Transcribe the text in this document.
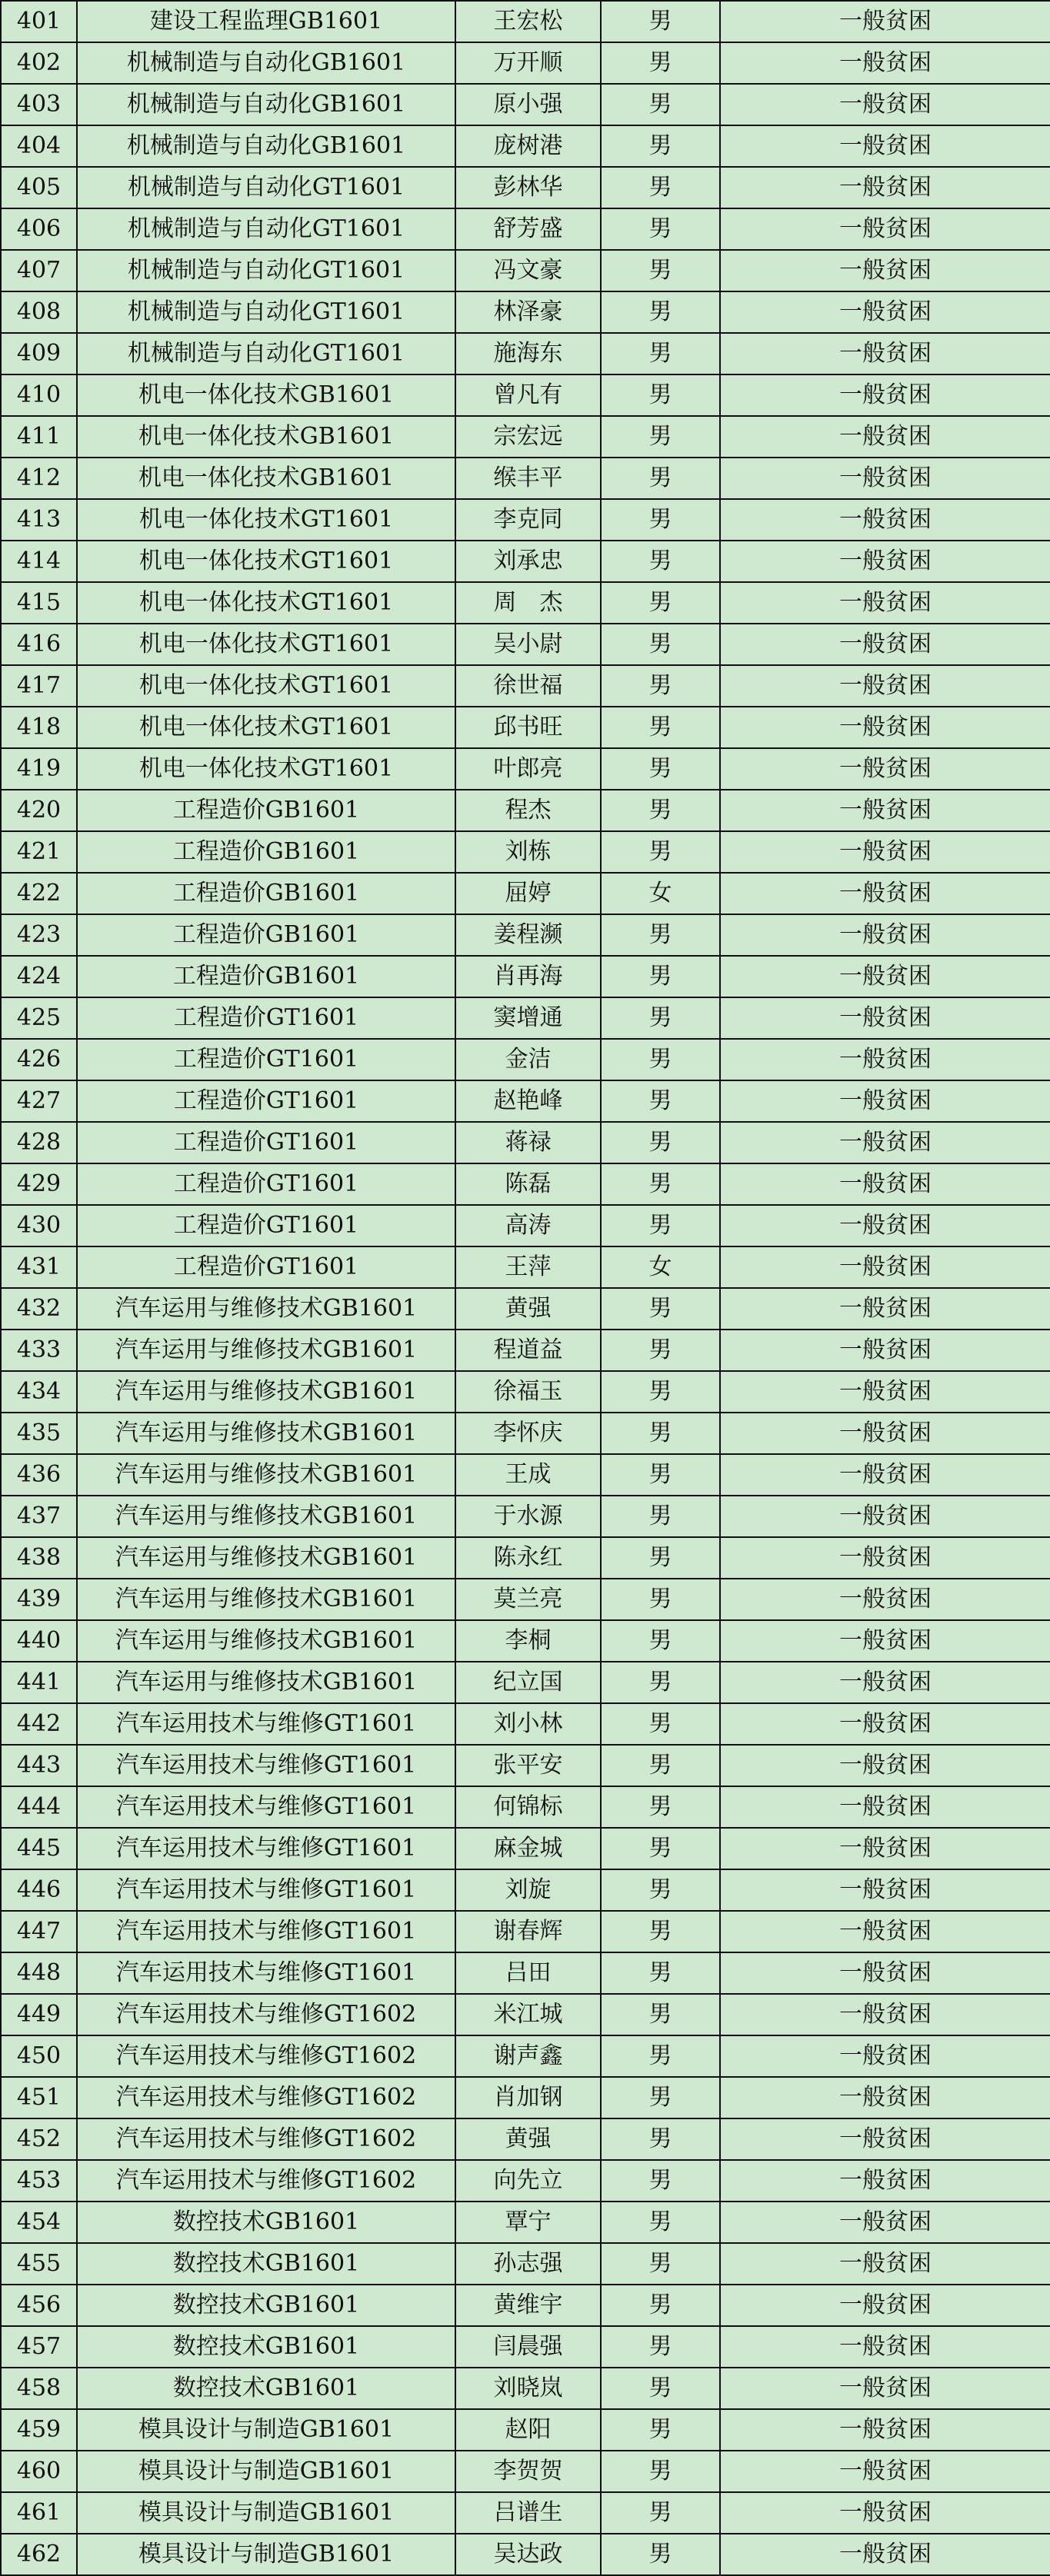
401	建设工程监理GB1601	王宏松	男	一般贫困
402	机械制造与自动化GB1601	万开顺	男	一般贫困
403	机械制造与自动化GB1601	原小强	男	一般贫困
404	机械制造与自动化GB1601	庞树港	男	一般贫困
405	机械制造与自动化GT1601	彭林华	男	一般贫困
406	机械制造与自动化GT1601	舒芳盛	男	一般贫困
407	机械制造与自动化GT1601	冯文豪	男	一般贫困
408	机械制造与自动化GT1601	林泽豪	男	一般贫困
409	机械制造与自动化GT1601	施海东	男	一般贫困
410	机电一体化技术GB1601	曾凡有	男	一般贫困
411	机电一体化技术GB1601	宗宏远	男	一般贫困
412	机电一体化技术GB1601	缑丰平	男	一般贫困
413	机电一体化技术GT1601	李克同	男	一般贫困
414	机电一体化技术GT1601	刘承忠	男	一般贫困
415	机电一体化技术GT1601	周　杰	男	一般贫困
416	机电一体化技术GT1601	吴小尉	男	一般贫困
417	机电一体化技术GT1601	徐世福	男	一般贫困
418	机电一体化技术GT1601	邱书旺	男	一般贫困
419	机电一体化技术GT1601	叶郎亮	男	一般贫困
420	工程造价GB1601	程杰	男	一般贫困
421	工程造价GB1601	刘栋	男	一般贫困
422	工程造价GB1601	屈婷	女	一般贫困
423	工程造价GB1601	姜程濒	男	一般贫困
424	工程造价GB1601	肖再海	男	一般贫困
425	工程造价GT1601	窦增通	男	一般贫困
426	工程造价GT1601	金洁	男	一般贫困
427	工程造价GT1601	赵艳峰	男	一般贫困
428	工程造价GT1601	蒋禄	男	一般贫困
429	工程造价GT1601	陈磊	男	一般贫困
430	工程造价GT1601	高涛	男	一般贫困
431	工程造价GT1601	王萍	女	一般贫困
432	汽车运用与维修技术GB1601	黄强	男	一般贫困
433	汽车运用与维修技术GB1601	程道益	男	一般贫困
434	汽车运用与维修技术GB1601	徐福玉	男	一般贫困
435	汽车运用与维修技术GB1601	李怀庆	男	一般贫困
436	汽车运用与维修技术GB1601	王成	男	一般贫困
437	汽车运用与维修技术GB1601	于水源	男	一般贫困
438	汽车运用与维修技术GB1601	陈永红	男	一般贫困
439	汽车运用与维修技术GB1601	莫兰亮	男	一般贫困
440	汽车运用与维修技术GB1601	李桐	男	一般贫困
441	汽车运用与维修技术GB1601	纪立国	男	一般贫困
442	汽车运用技术与维修GT1601	刘小林	男	一般贫困
443	汽车运用技术与维修GT1601	张平安	男	一般贫困
444	汽车运用技术与维修GT1601	何锦标	男	一般贫困
445	汽车运用技术与维修GT1601	麻金城	男	一般贫困
446	汽车运用技术与维修GT1601	刘旋	男	一般贫困
447	汽车运用技术与维修GT1601	谢春辉	男	一般贫困
448	汽车运用技术与维修GT1601	吕田	男	一般贫困
449	汽车运用技术与维修GT1602	米江城	男	一般贫困
450	汽车运用技术与维修GT1602	谢声鑫	男	一般贫困
451	汽车运用技术与维修GT1602	肖加钢	男	一般贫困
452	汽车运用技术与维修GT1602	黄强	男	一般贫困
453	汽车运用技术与维修GT1602	向先立	男	一般贫困
454	数控技术GB1601	覃宁	男	一般贫困
455	数控技术GB1601	孙志强	男	一般贫困
456	数控技术GB1601	黄维宇	男	一般贫困
457	数控技术GB1601	闫晨强	男	一般贫困
458	数控技术GB1601	刘晓岚	男	一般贫困
459	模具设计与制造GB1601	赵阳	男	一般贫困
460	模具设计与制造GB1601	李贺贺	男	一般贫困
461	模具设计与制造GB1601	吕谱生	男	一般贫困
462	模具设计与制造GB1601	吴达政	男	一般贫困
